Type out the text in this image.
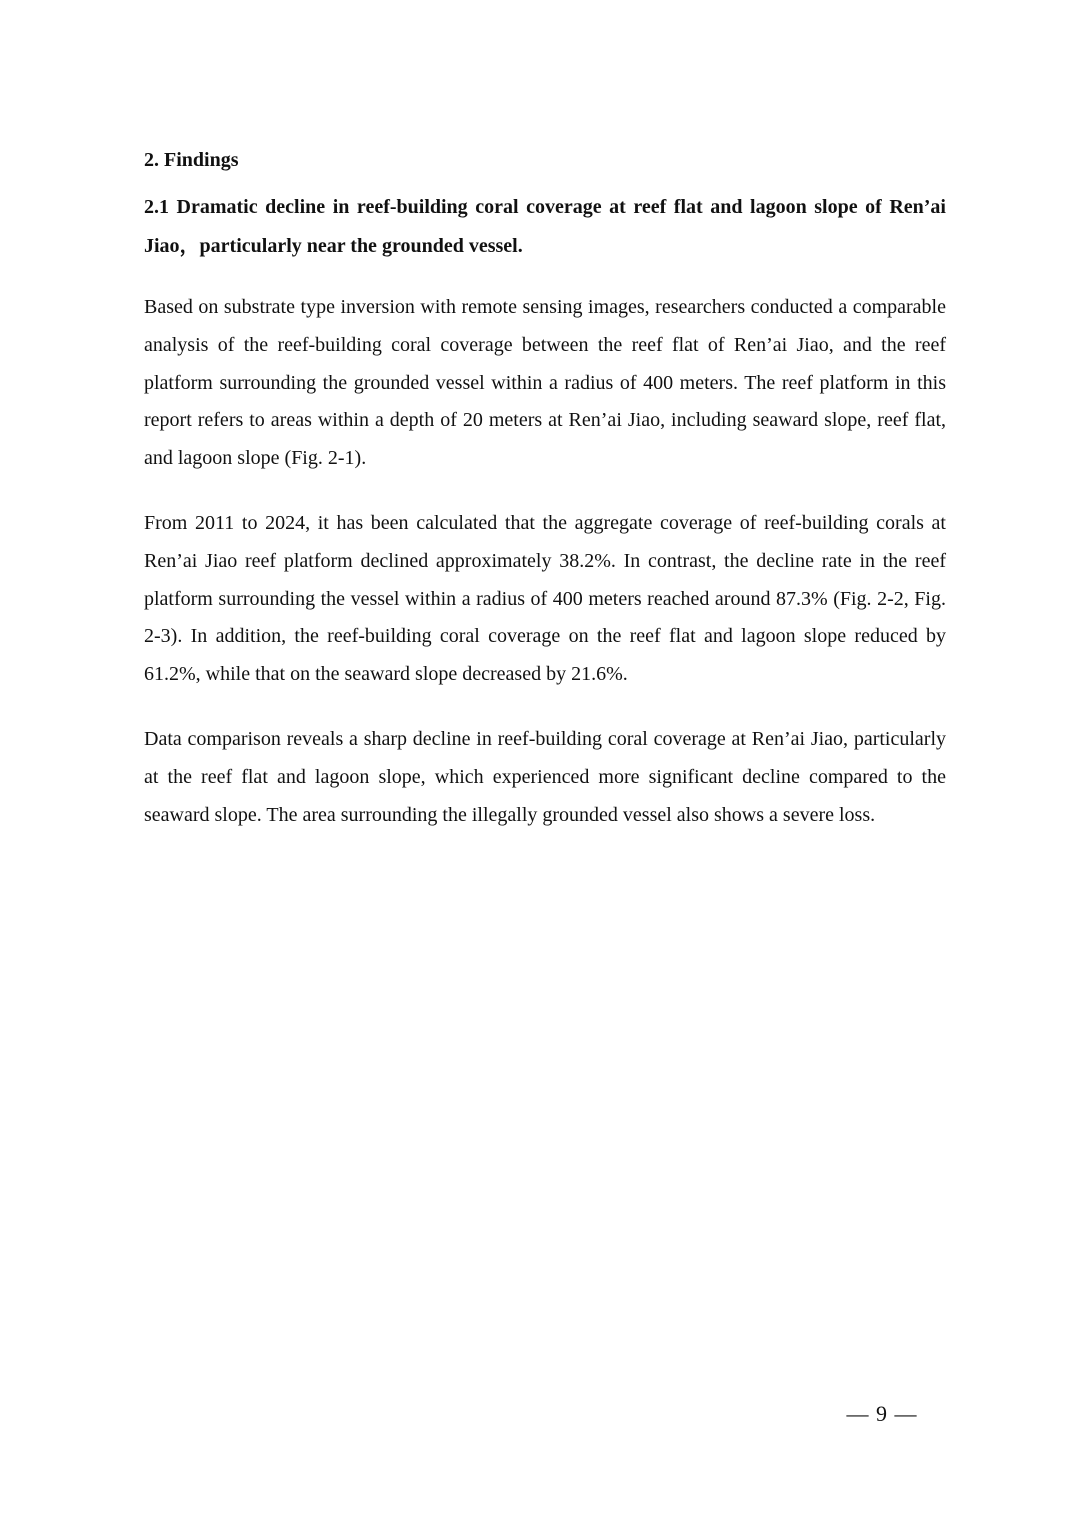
2. Findings
2.1 Dramatic decline in reef-building coral coverage at reef flat and lagoon slope of Ren’ai Jiao，particularly near the grounded vessel.

Based on substrate type inversion with remote sensing images, researchers conducted a comparable analysis of the reef-building coral coverage between the reef flat of Ren’ai Jiao, and the reef platform surrounding the grounded vessel within a radius of 400 meters. The reef platform in this report refers to areas within a depth of 20 meters at Ren’ai Jiao, including seaward slope, reef flat, and lagoon slope (Fig. 2-1).

From 2011 to 2024, it has been calculated that the aggregate coverage of reef-building corals at Ren’ai Jiao reef platform declined approximately 38.2%. In contrast, the decline rate in the reef platform surrounding the vessel within a radius of 400 meters reached around 87.3% (Fig. 2-2, Fig. 2-3). In addition, the reef-building coral coverage on the reef flat and lagoon slope reduced by 61.2%, while that on the seaward slope decreased by 21.6%.

Data comparison reveals a sharp decline in reef-building coral coverage at Ren’ai Jiao, particularly at the reef flat and lagoon slope, which experienced more significant decline compared to the seaward slope. The area surrounding the illegally grounded vessel also shows a severe loss.

— 9 —
